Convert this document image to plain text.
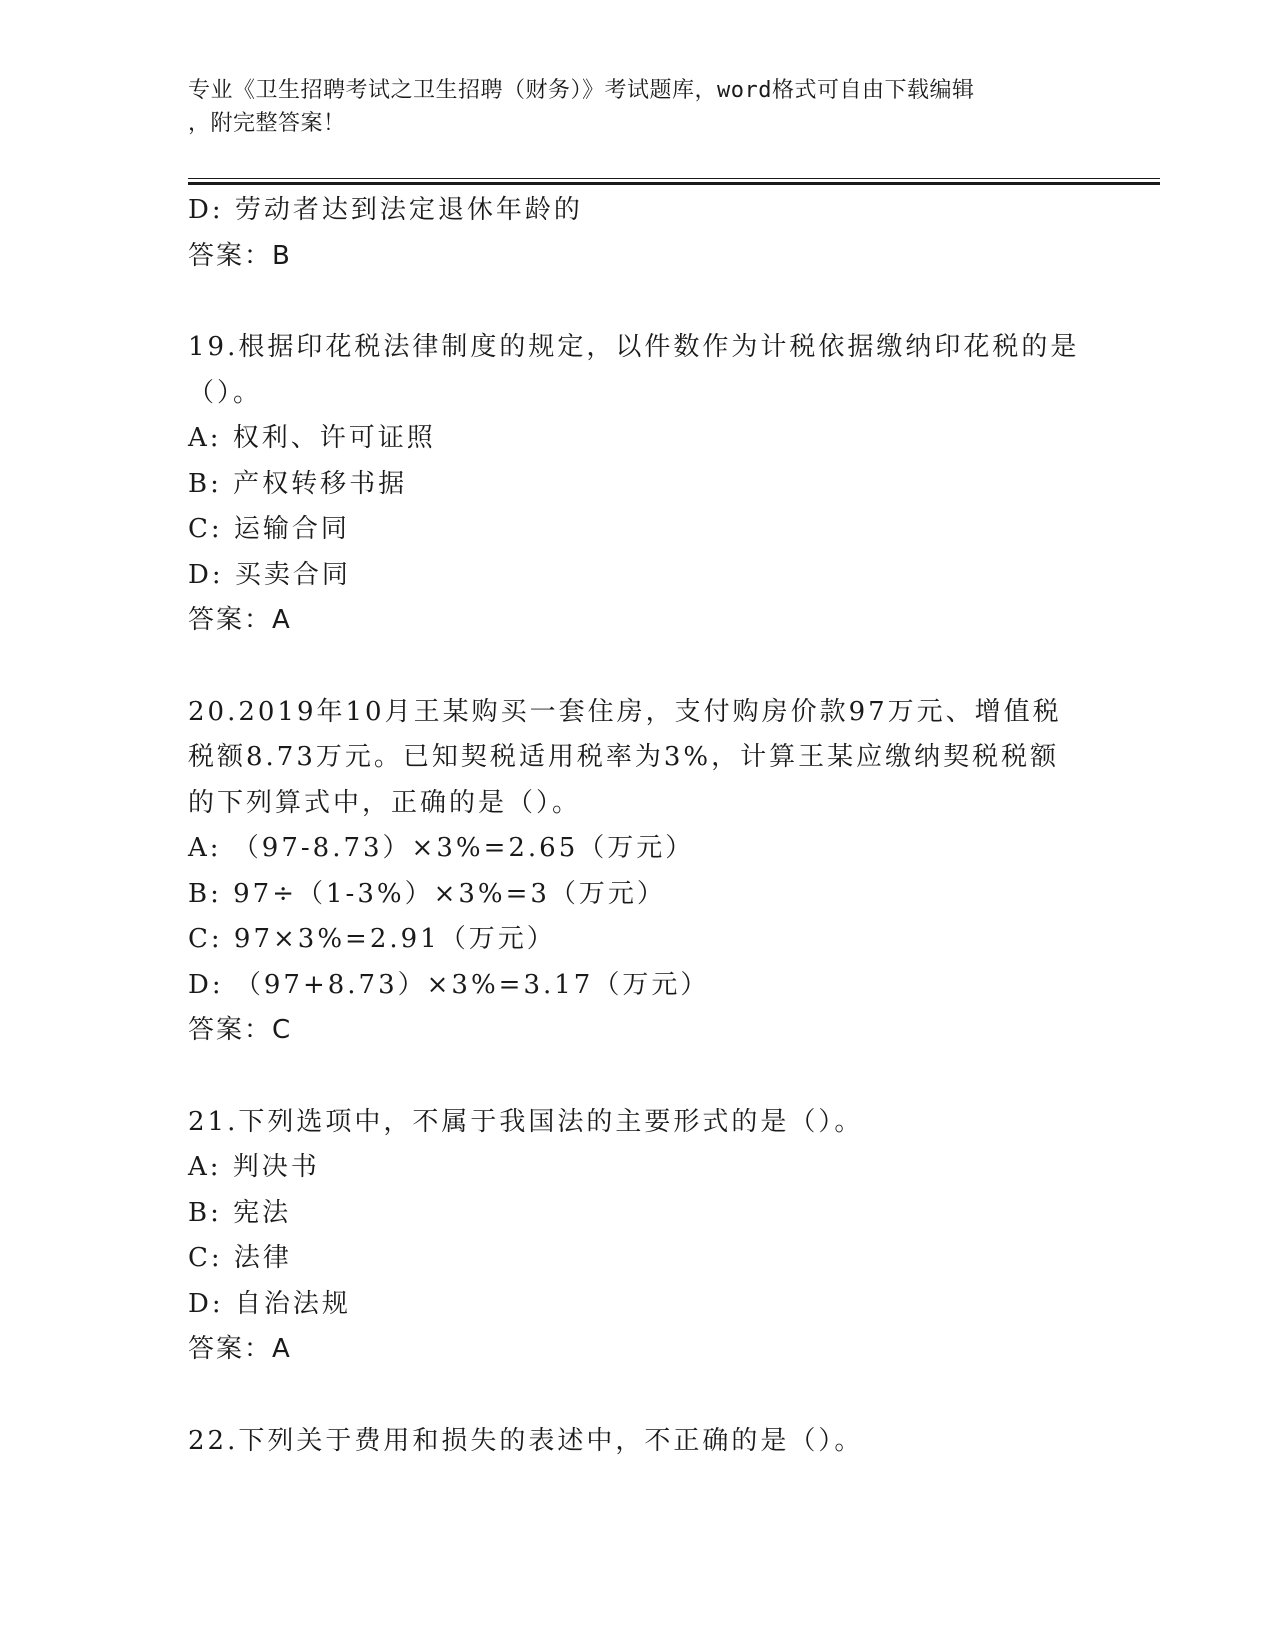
专业《卫生招聘考试之卫生招聘（财务）》考试题库，word格式可自由下载编辑
，附完整答案！
D: 劳动者达到法定退休年龄的
答案：B
19.根据印花税法律制度的规定，以件数作为计税依据缴纳印花税的是（）。
A: 权利、许可证照
B: 产权转移书据
C: 运输合同
D: 买卖合同
答案：A
20.2019年10月王某购买一套住房，支付购房价款97万元、增值税税额8.73万元。已知契税适用税率为3%，计算王某应缴纳契税税额的下列算式中，正确的是（）。
A: （97-8.73）×3%=2.65（万元）
B: 97÷（1-3%）×3%=3（万元）
C: 97×3%=2.91（万元）
D: （97+8.73）×3%=3.17（万元）
答案：C
21.下列选项中，不属于我国法的主要形式的是（）。
A: 判决书
B: 宪法
C: 法律
D: 自治法规
答案：A
22.下列关于费用和损失的表述中，不正确的是（）。
